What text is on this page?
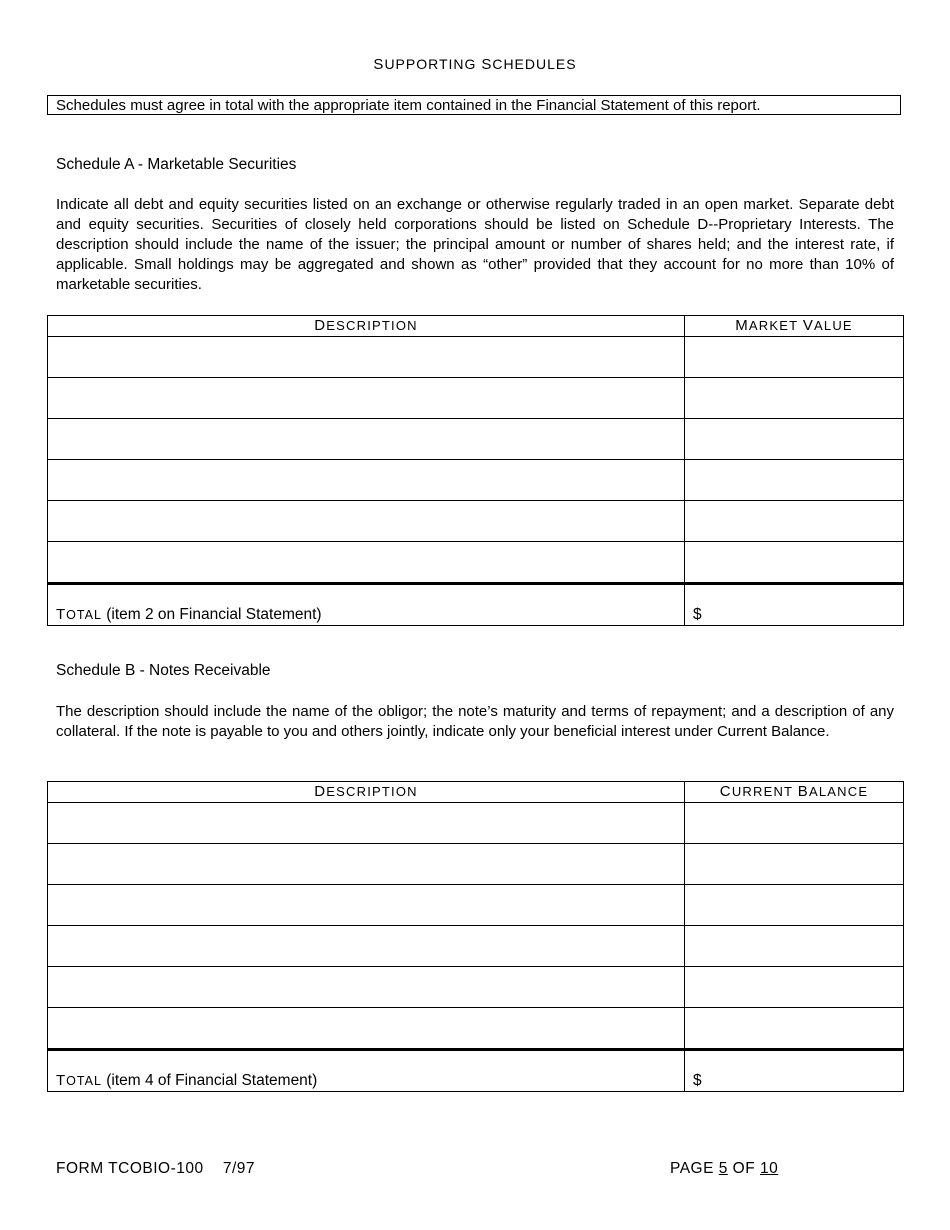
SUPPORTING SCHEDULES
Schedules must agree in total with the appropriate item contained in the Financial Statement of this report.
Schedule A - Marketable Securities
Indicate all debt and equity securities listed on an exchange or otherwise regularly traded in an open market. Separate debt and equity securities. Securities of closely held corporations should be listed on Schedule D--Proprietary Interests. The description should include the name of the issuer; the principal amount or number of shares held; and the interest rate, if applicable. Small holdings may be aggregated and shown as “other” provided that they account for no more than 10% of marketable securities.
DESCRIPTION	MARKET VALUE

TOTAL (item 2 on Financial Statement)	$
Schedule B - Notes Receivable
The description should include the name of the obligor; the note’s maturity and terms of repayment; and a description of any collateral. If the note is payable to you and others jointly, indicate only your beneficial interest under Current Balance.
DESCRIPTION	CURRENT BALANCE

TOTAL (item 4 of Financial Statement)	$
FORM TCOBIO-100 7/97	PAGE 5 OF 10
